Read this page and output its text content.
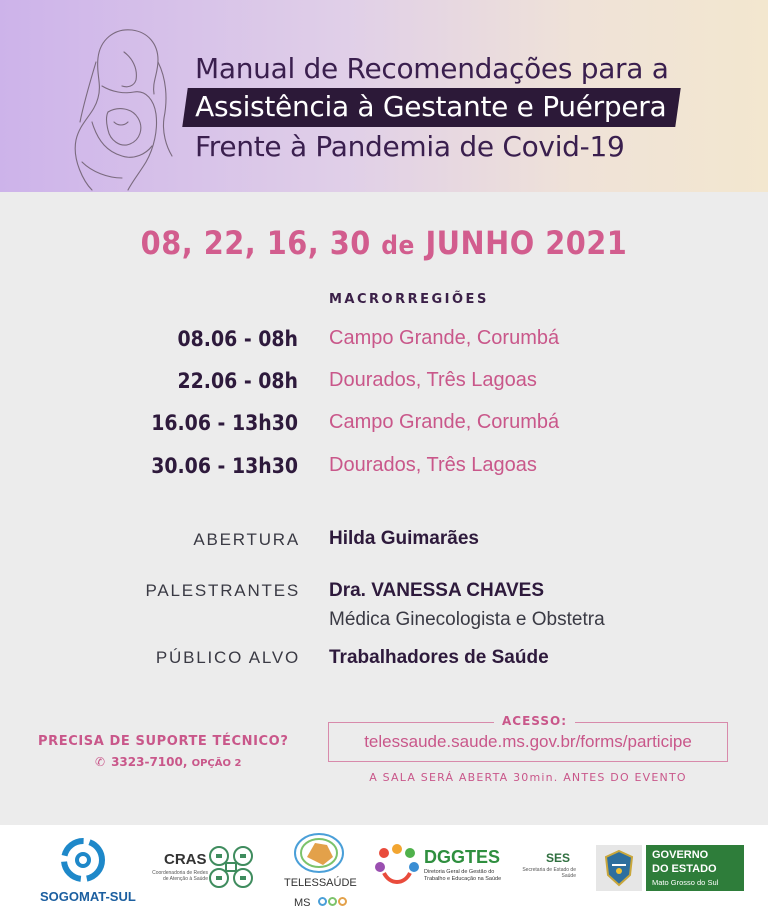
Manual de Recomendações para a
Assistência à Gestante e Puérpera
Frente à Pandemia de Covid-19
08, 22, 16, 30 de JUNHO 2021
MACRORREGIÕES
08.06 - 08h Campo Grande, Corumbá
22.06 - 08h Dourados, Três Lagoas
16.06 - 13h30 Campo Grande, Corumbá
30.06 - 13h30 Dourados, Três Lagoas
ABERTURA Hilda Guimarães
PALESTRANTES Dra. VANESSA CHAVES
Médica Ginecologista e Obstetra
PÚBLICO ALVO Trabalhadores de Saúde
PRECISA DE SUPORTE TÉCNICO?
✆ 3323-7100, OPÇÃO 2
ACESSO:
telessaude.saude.ms.gov.br/forms/participe
A SALA SERÁ ABERTA 30min. ANTES DO EVENTO
SOGOMAT-SUL
CRAS
Coordenadoria de Redes de Atenção à Saúde	TELESSAÚDE
MS
DGGTES
Diretoria Geral de Gestão do
Trabalho e Educação na Saúde
SES
Secretaria de Estado de Saúde
GOVERNO
DO ESTADO
Mato Grosso do Sul
